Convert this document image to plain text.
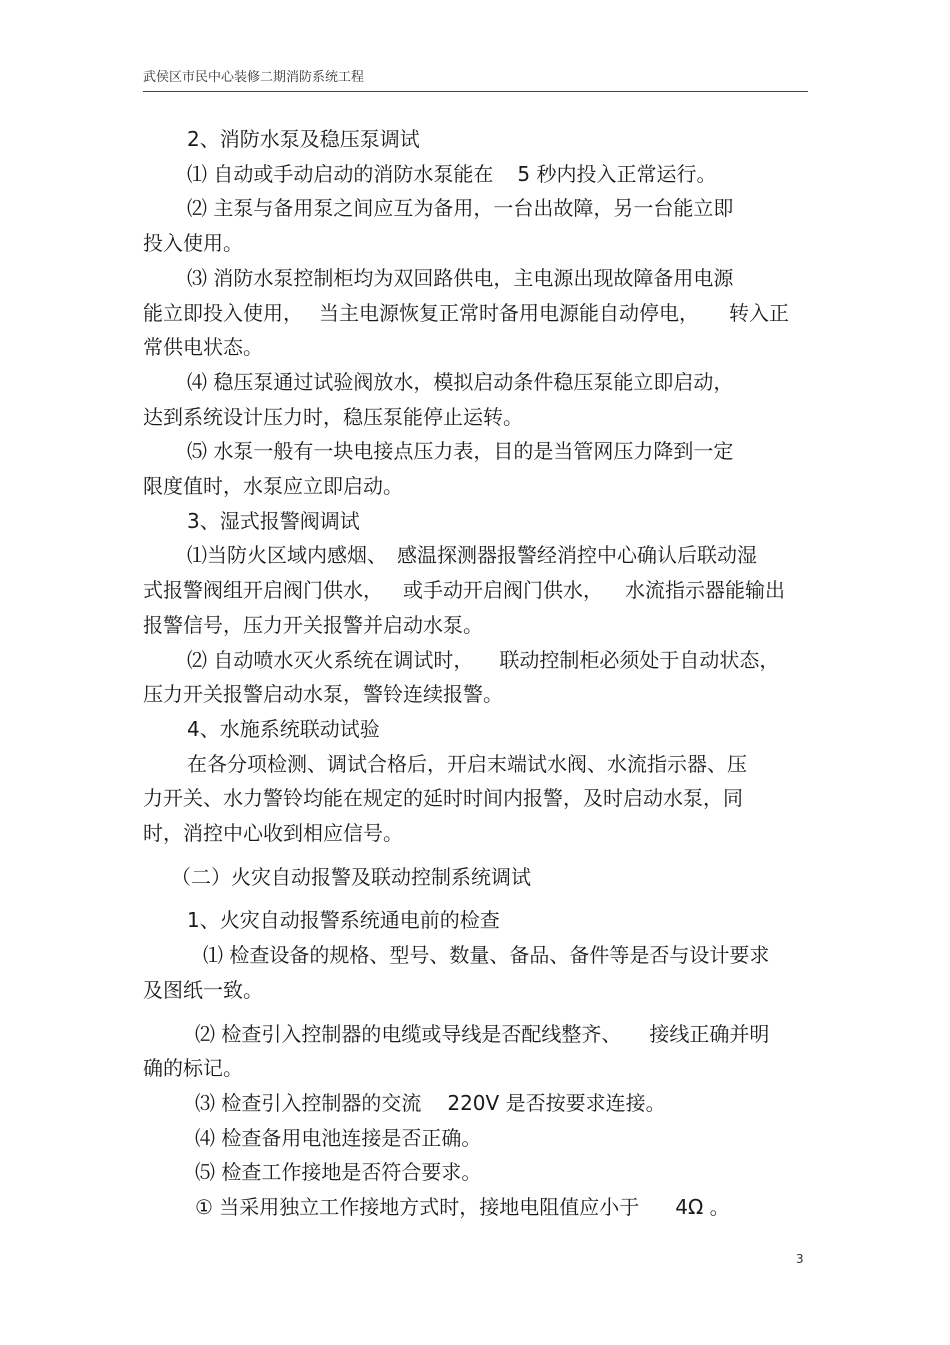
武侯区市民中心装修二期消防系统工程

2、消防水泵及稳压泵调试

⑴ 自动或手动启动的消防水泵能在 5 秒内投入正常运行。

⑵ 主泵与备用泵之间应互为备用，一台出故障，另一台能立即

投入使用。

⑶ 消防水泵控制柜均为双回路供电，主电源出现故障备用电源

能立即投入使用， 当主电源恢复正常时备用电源能自动停电， 转入正

常供电状态。

⑷ 稳压泵通过试验阀放水，模拟启动条件稳压泵能立即启动，

达到系统设计压力时，稳压泵能停止运转。

⑸ 水泵一般有一块电接点压力表，目的是当管网压力降到一定

限度值时，水泵应立即启动。

3、湿式报警阀调试

⑴当防火区域内感烟、 感温探测器报警经消控中心确认后联动湿

式报警阀组开启阀门供水， 或手动开启阀门供水， 水流指示器能输出

报警信号，压力开关报警并启动水泵。

⑵ 自动喷水灭火系统在调试时， 联动控制柜必须处于自动状态，

压力开关报警启动水泵，警铃连续报警。

4、水施系统联动试验

在各分项检测、调试合格后，开启末端试水阀、水流指示器、压

力开关、水力警铃均能在规定的延时时间内报警，及时启动水泵，同

时，消控中心收到相应信号。

（二）火灾自动报警及联动控制系统调试

1、火灾自动报警系统通电前的检查

⑴ 检查设备的规格、型号、数量、备品、备件等是否与设计要求

及图纸一致。

⑵ 检查引入控制器的电缆或导线是否配线整齐、 接线正确并明

确的标记。

⑶ 检查引入控制器的交流 220V 是否按要求连接。

⑷ 检查备用电池连接是否正确。

⑸ 检查工作接地是否符合要求。

① 当采用独立工作接地方式时，接地电阻值应小于 4Ω 。

3
